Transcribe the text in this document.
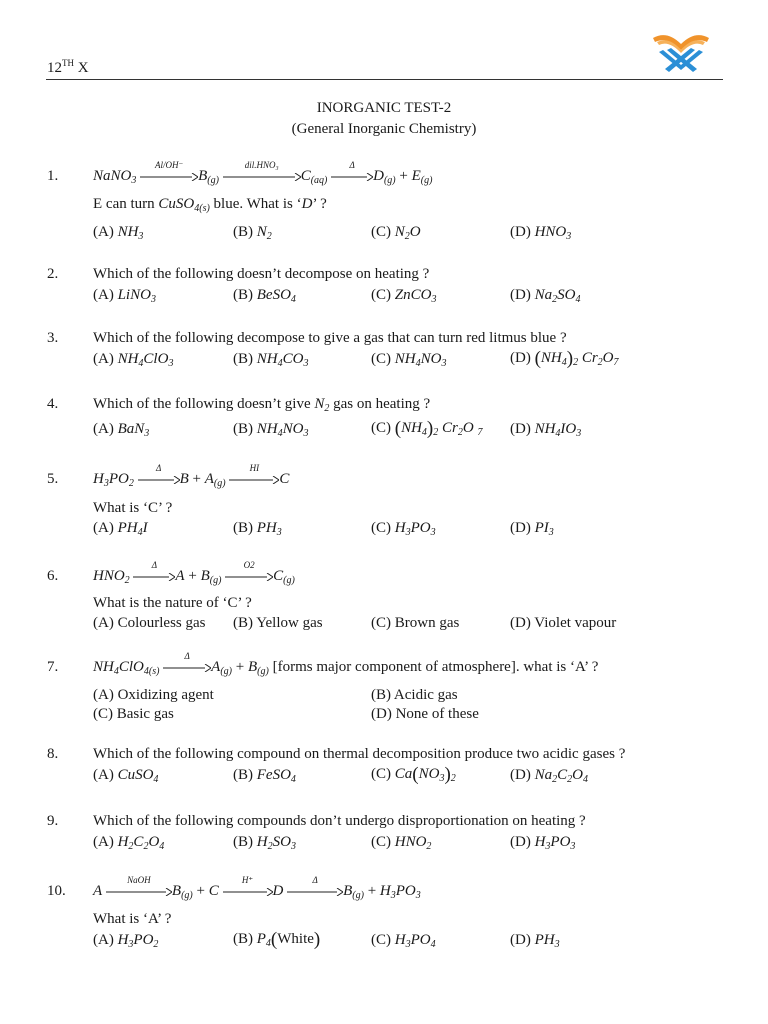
12TH X
INORGANIC TEST-2
(General Inorganic Chemistry)
1. NaNO$_3$
Al/OH⁻
$B_{(g)}$
dil.HNO₃
$C_{(aq)}$
Δ
$D_{(g)} + E_{(g)}$
E can turn CuSO$_{4(s)}$ blue. What is ‘D’ ?
(A) $NH_3$	(B) $N_2$	(C) $N_2O$	(D) $HNO_3$
2. Which of the following doesn’t decompose on heating ?
(A) LiNO$_3$	(B) BeSO$_4$	(C) ZnCO$_3$	(D) $Na_2SO_4$
3. Which of the following decompose to give a gas that can turn red litmus blue ?
(A) $NH_4ClO_3$	(B) $NH_4CO_3$	(C) $NH_4NO_3$	(D) $(NH_4)_2$ $Cr_2O_7$
4. Which of the following doesn’t give $N_2$ gas on heating ?
(A) BaN$_3$	(B) $NH_4NO_3$	(C) $(NH_4)_2$ $Cr_2O$ $_7$ (D) $NH_4IO_3$
5. $H_3PO_2$
Δ
$B + A_{(g)}$
HI
C
What is ‘C’ ?
(A) $PH_4I$	(B) $PH_3$	(C) $H_3PO_3$	(D) $PI_3$
6. $HNO_2$
Δ
$A + B_{(g)}$
O2
$C_{(g)}$
What is the nature of ‘C’ ?
(A) Colourless gas (B) Yellow gas	(C) Brown gas	(D) Violet vapour
7. $NH_4ClO_{4(s)}$
Δ
$A_{(g)} + B_{(g)}$ [forms major component of atmosphere]. what is ‘A’ ?
(A) Oxidizing agent	(B) Acidic gas
(C) Basic gas	(D) None of these
8. Which of the following compound on thermal decomposition produce two acidic gases ?
(A) CuSO$_4$	(B) FeSO$_4$	(C) $Ca(NO_3)_2$	(D) $Na_2C_2O_4$
9. Which of the following compounds don’t undergo disproportionation on heating ?
(A) $H_2C_2O_4$	(B) $H_2SO_3$	(C) $HNO_2$	(D) $H_3PO_3$
10. A
NaOH
$B_{(g)} + C$
H⁺
D
Δ
$B_{(g)} + H_3PO_3$
What is ‘A’ ?
(A) $H_3PO_2$	(B) $P_4(White)$	(C) $H_3PO_4$	(D) $PH_3$
